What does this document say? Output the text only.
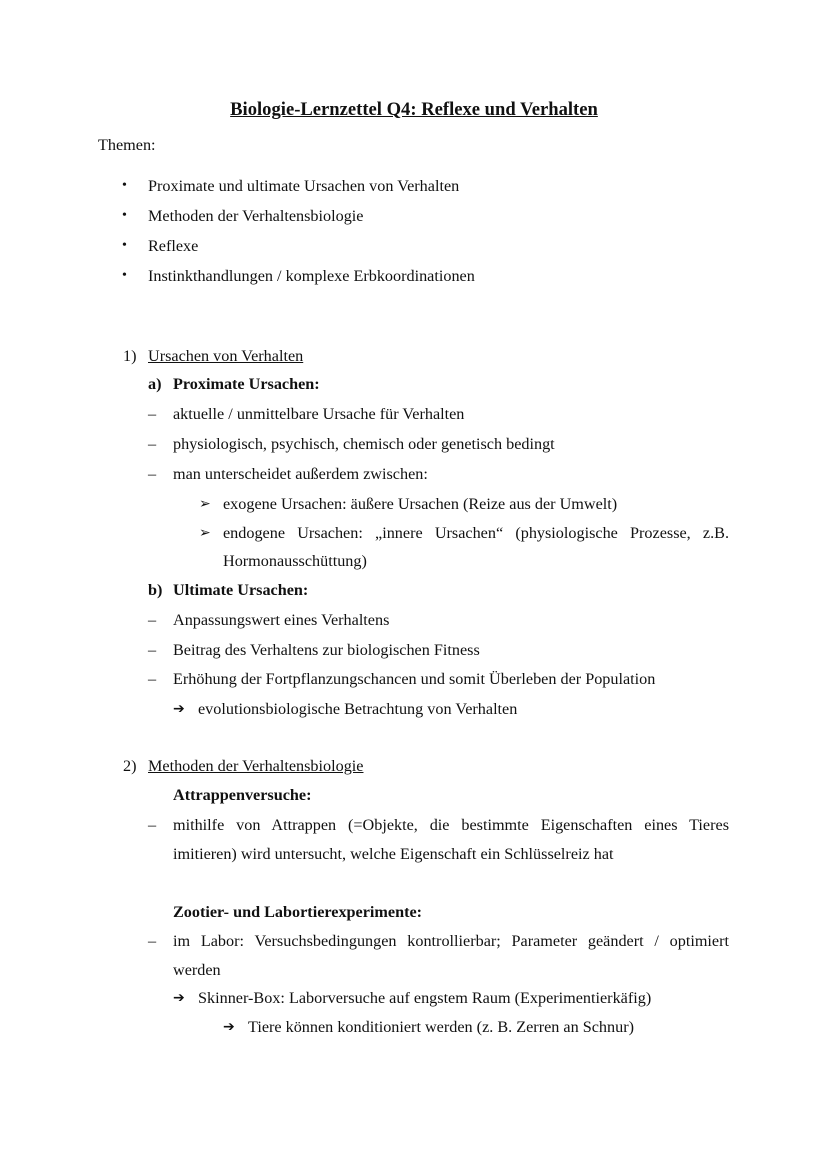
Biologie-Lernzettel Q4: Reflexe und Verhalten
Themen:
• Proximate und ultimate Ursachen von Verhalten
• Methoden der Verhaltensbiologie
• Reflexe
• Instinkthandlungen / komplexe Erbkoordinationen
1) Ursachen von Verhalten
a) Proximate Ursachen:
– aktuelle / unmittelbare Ursache für Verhalten
– physiologisch, psychisch, chemisch oder genetisch bedingt
– man unterscheidet außerdem zwischen:
➢ exogene Ursachen: äußere Ursachen (Reize aus der Umwelt)
➢ endogene Ursachen: „innere Ursachen“ (physiologische Prozesse, z.B.
Hormonausschüttung)
b) Ultimate Ursachen:
– Anpassungswert eines Verhaltens
– Beitrag des Verhaltens zur biologischen Fitness
– Erhöhung der Fortpflanzungschancen und somit Überleben der Population
➔ evolutionsbiologische Betrachtung von Verhalten
2) Methoden der Verhaltensbiologie
Attrappenversuche:
– mithilfe von Attrappen (=Objekte, die bestimmte Eigenschaften eines Tieres
imitieren) wird untersucht, welche Eigenschaft ein Schlüsselreiz hat
Zootier- und Labortierexperimente:
– im Labor: Versuchsbedingungen kontrollierbar; Parameter geändert / optimiert
werden
➔ Skinner-Box: Laborversuche auf engstem Raum (Experimentierkäfig)
➔ Tiere können konditioniert werden (z. B. Zerren an Schnur)
